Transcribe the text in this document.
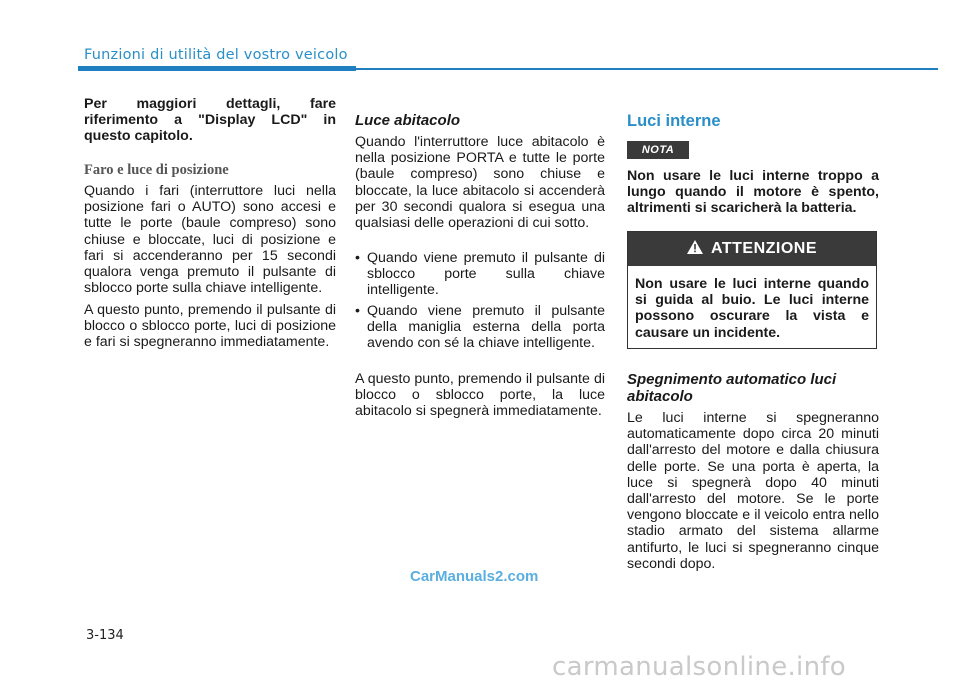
Funzioni di utilità del vostro veicolo

Per maggiori dettagli, fare riferimento a "Display LCD" in questo capitolo.

Faro e luce di posizione

Quando i fari (interruttore luci nella posizione fari o AUTO) sono accesi e tutte le porte (baule compreso) sono chiuse e bloccate, luci di posizione e fari si accenderanno per 15 secondi qualora venga premuto il pulsante di sblocco porte sulla chiave intelligente.

A questo punto, premendo il pulsante di blocco o sblocco porte, luci di posizione e fari si spegneranno immediatamente.

Luce abitacolo

Quando l'interruttore luce abitacolo è nella posizione PORTA e tutte le porte (baule compreso) sono chiuse e bloccate, la luce abitacolo si accenderà per 30 secondi qualora si esegua una qualsiasi delle operazioni di cui sotto.

• Quando viene premuto il pulsante di sblocco porte sulla chiave intelligente.
• Quando viene premuto il pulsante della maniglia esterna della porta avendo con sé la chiave intelligente.

A questo punto, premendo il pulsante di blocco o sblocco porte, la luce abitacolo si spegnerà immediatamente.

Luci interne

Non usare le luci interne troppo a lungo quando il motore è spento, altrimenti si scaricherà la batteria.

Spegnimento automatico luci abitacolo

Le luci interne si spegneranno automaticamente dopo circa 20 minuti dall'arresto del motore e dalla chiusura delle porte. Se una porta è aperta, la luce si spegnerà dopo 40 minuti dall'arresto del motore. Se le porte vengono bloccate e il veicolo entra nello stadio armato del sistema allarme antifurto, le luci si spegneranno cinque secondi dopo.

NOTA
ATTENZIONE

Non usare le luci interne quando si guida al buio. Le luci interne possono oscurare la vista e causare un incidente.

CarManuals2.com
3-134
carmanualsonline.info
